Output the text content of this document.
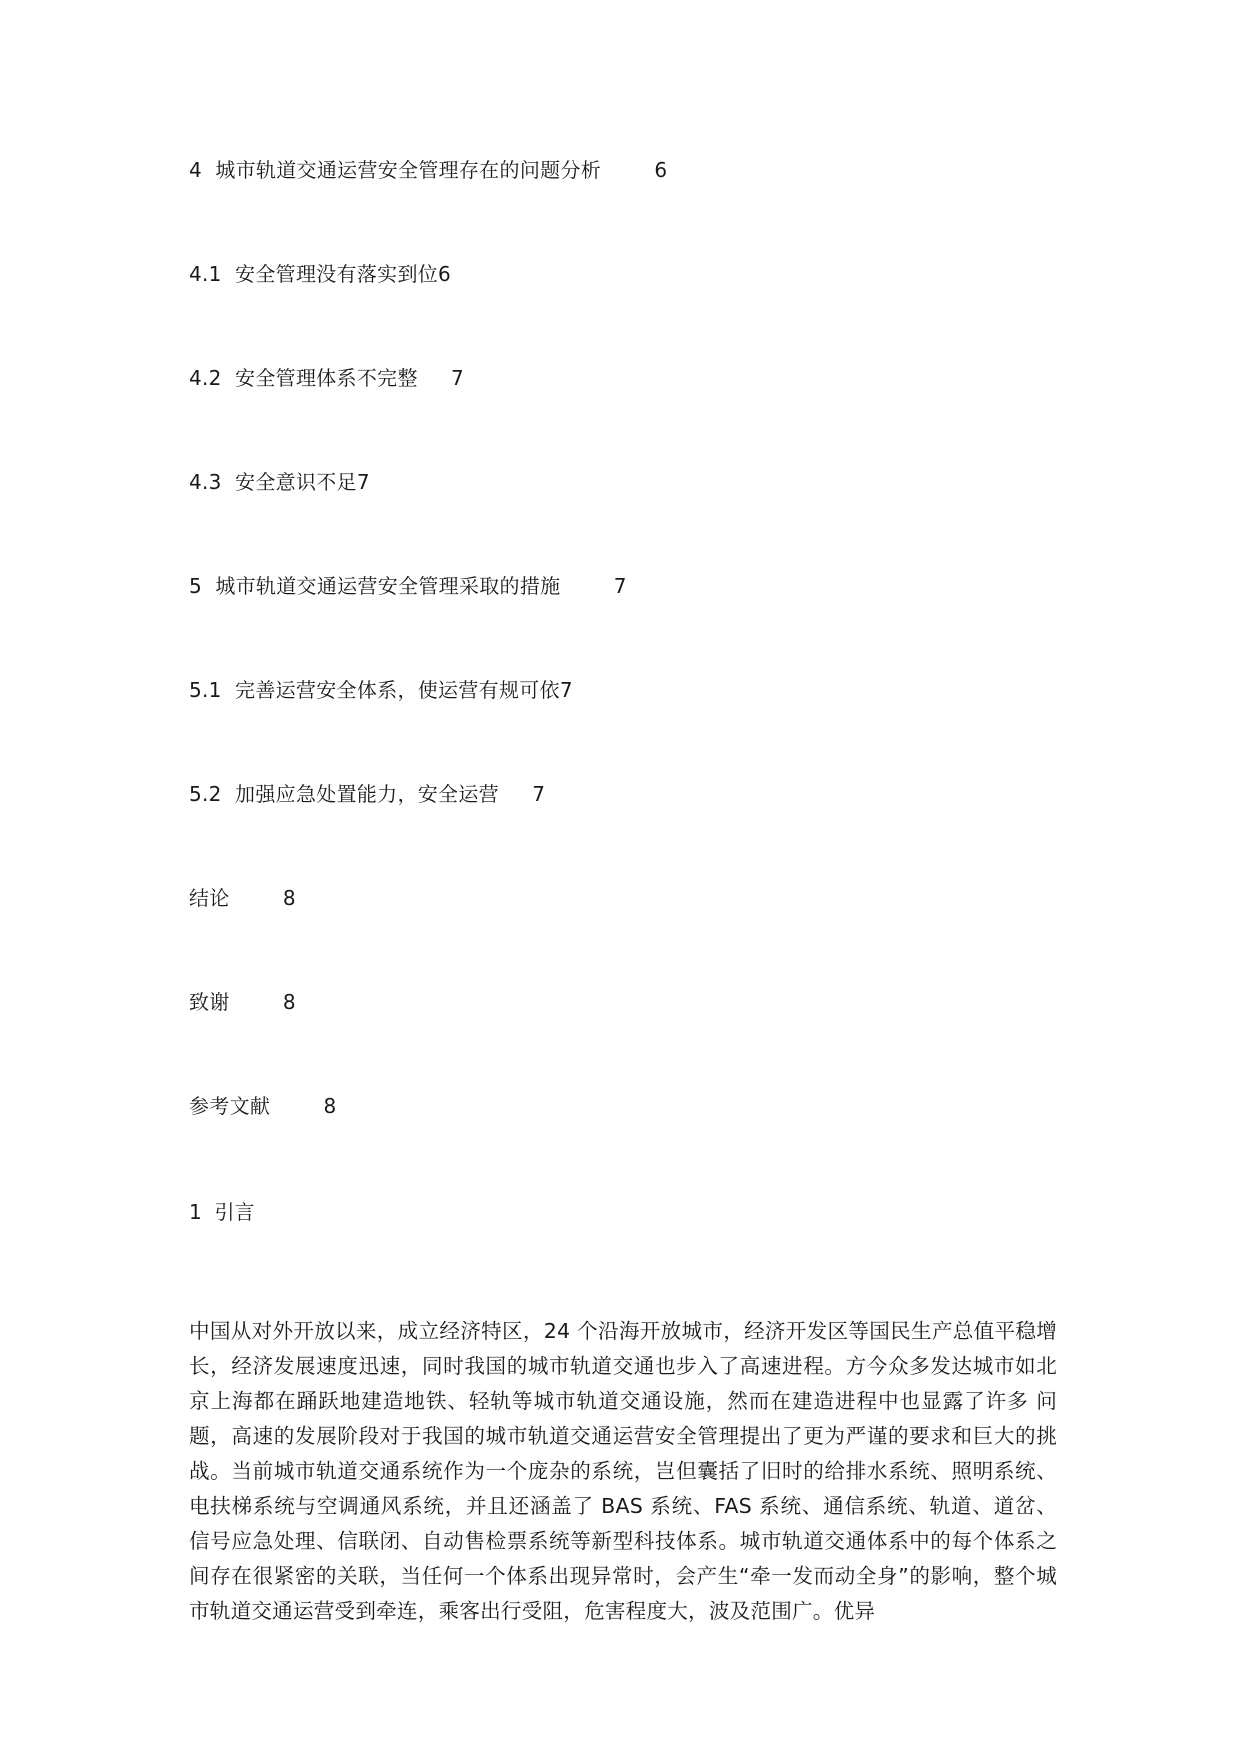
4 城市轨道交通运营安全管理存在的问题分析	6
4.1 安全管理没有落实到位6
4.2 安全管理体系不完整 7
4.3 安全意识不足7
5 城市轨道交通运营安全管理采取的措施	7
5.1 完善运营安全体系，使运营有规可依7
5.2 加强应急处置能力，安全运营 7
结论	8
致谢	8
参考文献	8
1  引言

中国从对外开放以来，成立经济特区，24 个沿海开放城市，经济开发区等国民生产总值平稳增长，经济发展速度迅速，同时我国的城市轨道交通也步入了高速进程。方今众多发达城市如北京上海都在踊跃地建造地铁、轻轨等城市轨道交通设施，然而在建造进程中也显露了许多 问题，高速的发展阶段对于我国的城市轨道交通运营安全管理提出了更为严谨的要求和巨大的挑战。当前城市轨道交通系统作为一个庞杂的系统，岂但囊括了旧时的给排水系统、照明系统、电扶梯系统与空调通风系统，并且还涵盖了 BAS 系统、FAS 系统、通信系统、轨道、道岔、信号应急处理、信联闭、自动售检票系统等新型科技体系。城市轨道交通体系中的每个体系之间存在很紧密的关联，当任何一个体系出现异常时，会产生“牵一发而动全身”的影响，整个城市轨道交通运营受到牵连，乘客出行受阻，危害程度大，波及范围广。优异
